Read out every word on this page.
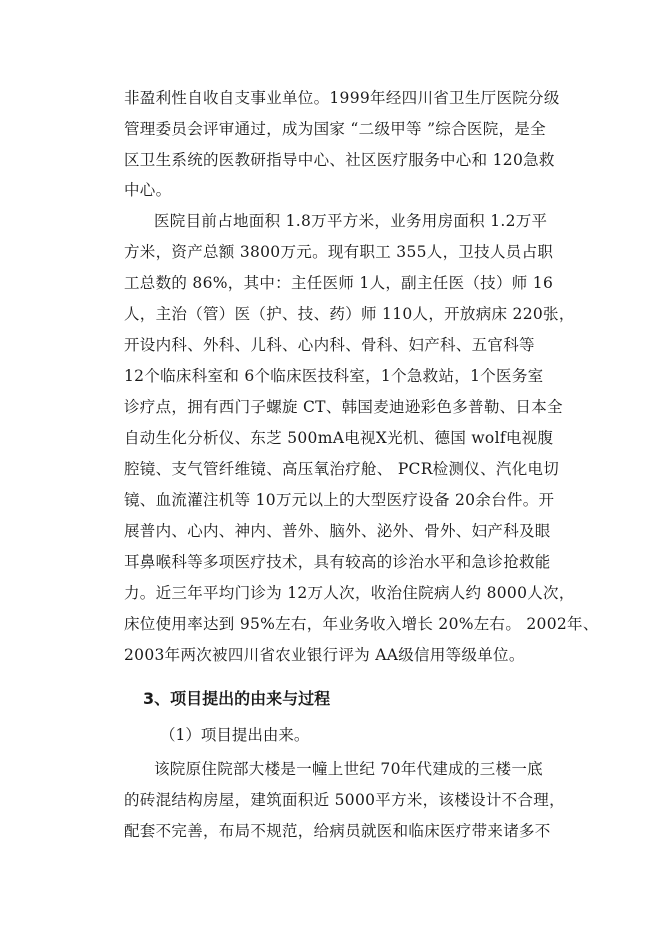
非盈利性自收自支事业单位。1999年经四川省卫生厅医院分级
管理委员会评审通过，成为国家 “二级甲等 ”综合医院，是全
区卫生系统的医教研指导中心、社区医疗服务中心和 120急救
中心。
医院目前占地面积 1.8万平方米，业务用房面积 1.2万平
方米，资产总额 3800万元。现有职工 355人，卫技人员占职
工总数的 86%，其中：主任医师 1人，副主任医（技）师 16
人，主治（管）医（护、技、药）师 110人，开放病床 220张，
开设内科、外科、儿科、心内科、骨科、妇产科、五官科等
12个临床科室和 6个临床医技科室，1个急救站，1个医务室
诊疗点，拥有西门子螺旋 CT、韩国麦迪逊彩色多普勒、日本全
自动生化分析仪、东芝 500mA电视X光机、德国 wolf电视腹
腔镜、支气管纤维镜、高压氧治疗舱、 PCR检测仪、汽化电切
镜、血流灌注机等 10万元以上的大型医疗设备 20余台件。开
展普内、心内、神内、普外、脑外、泌外、骨外、妇产科及眼
耳鼻喉科等多项医疗技术，具有较高的诊治水平和急诊抢救能
力。近三年平均门诊为 12万人次，收治住院病人约 8000人次，
床位使用率达到 95%左右，年业务收入增长 20%左右。 2002年、
2003年两次被四川省农业银行评为 AA级信用等级单位。
3、项目提出的由来与过程
（1）项目提出由来。
该院原住院部大楼是一幢上世纪 70年代建成的三楼一底
的砖混结构房屋，建筑面积近 5000平方米，该楼设计不合理，
配套不完善，布局不规范，给病员就医和临床医疗带来诸多不
